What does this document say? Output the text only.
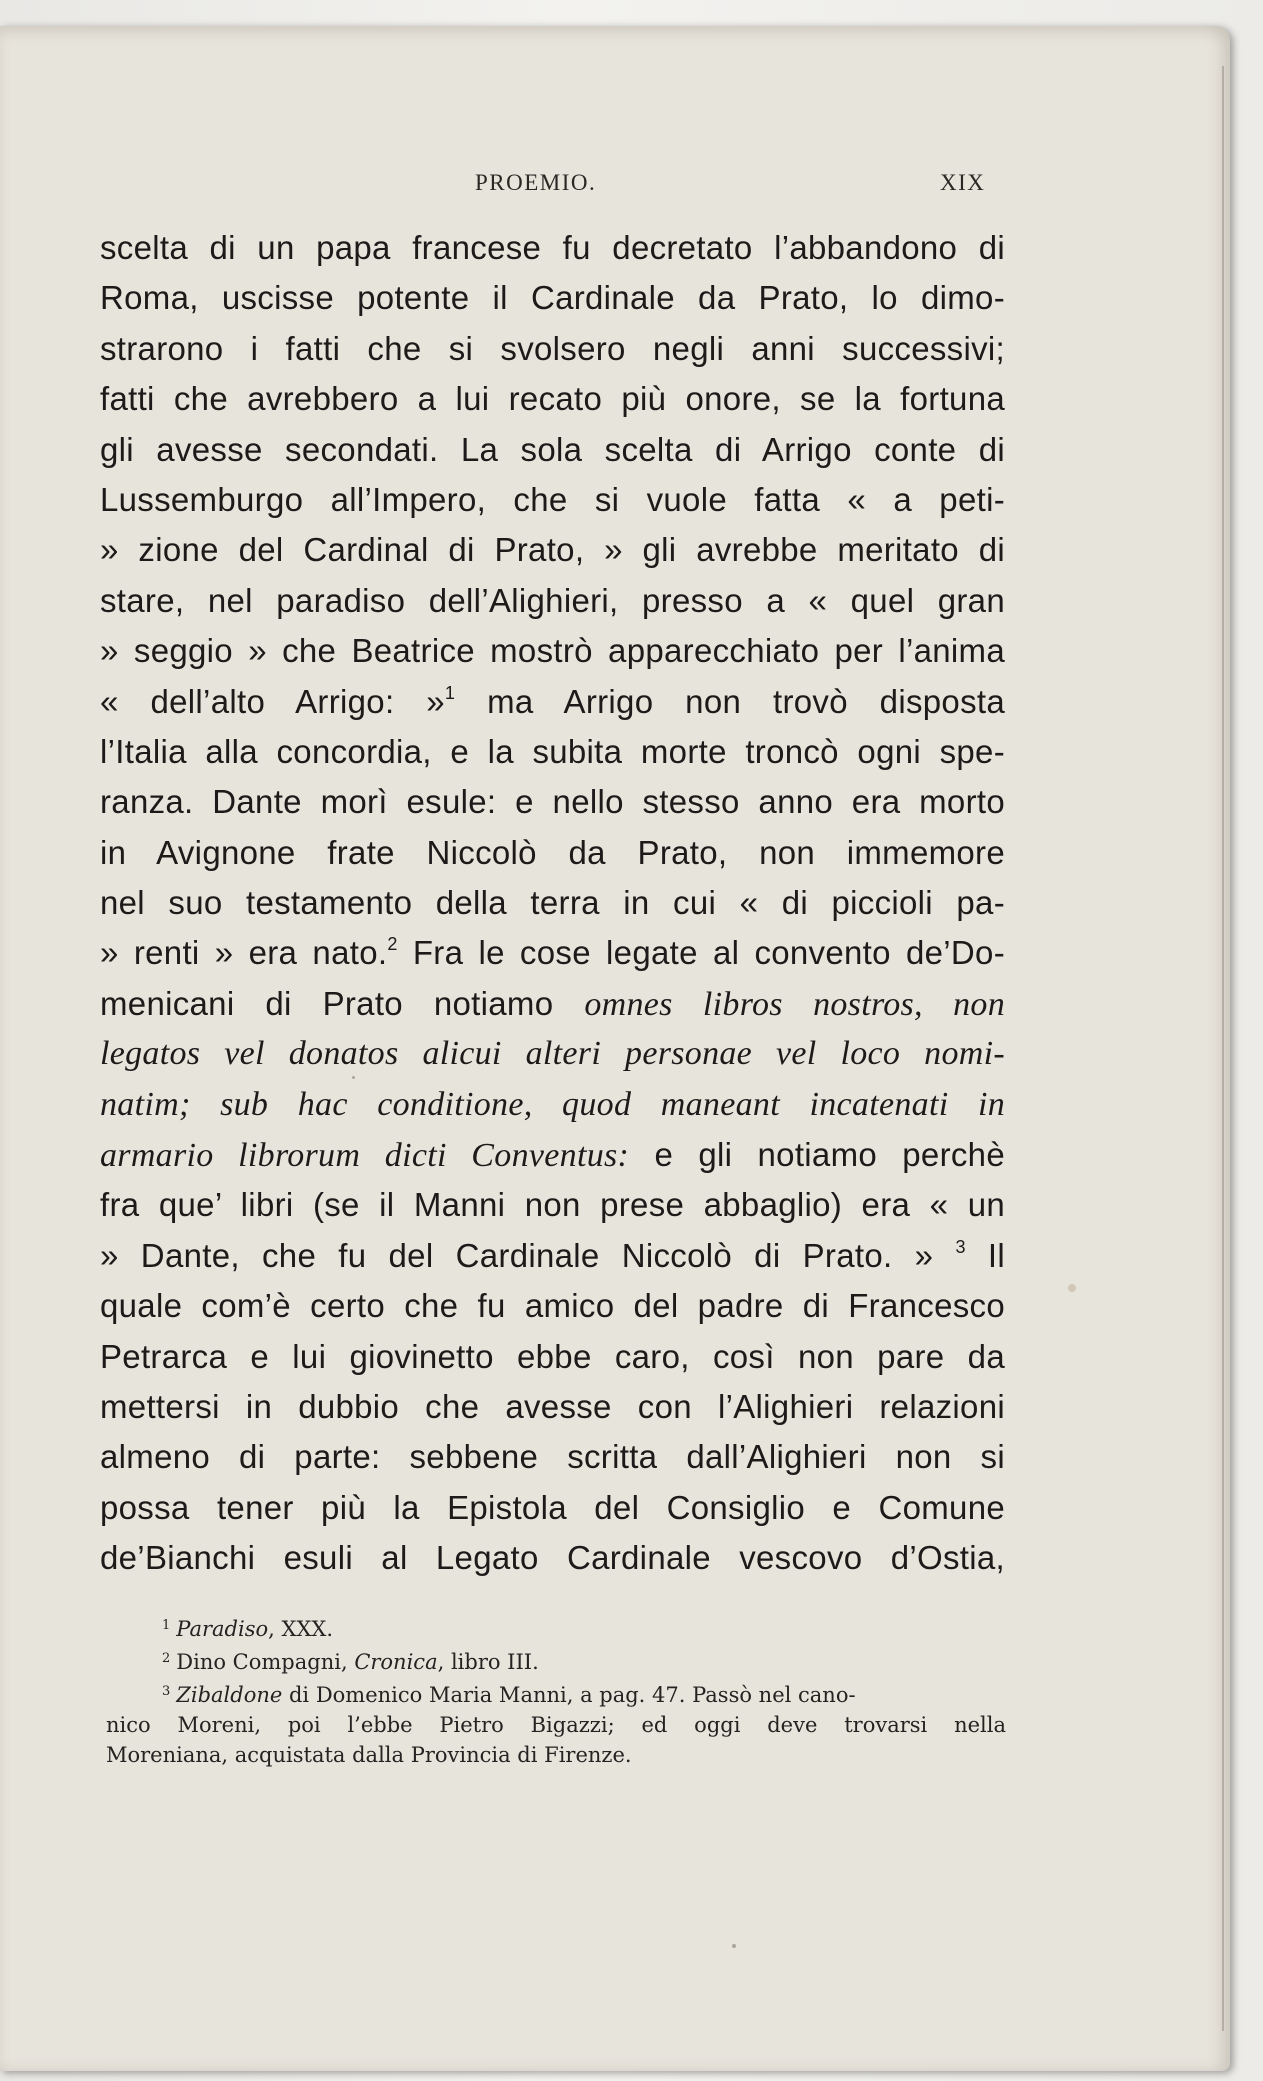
PROEMIO.	XIX
scelta di un papa francese fu decretato l’abbandono di
Roma, uscisse potente il Cardinale da Prato, lo dimo-
strarono i fatti che si svolsero negli anni successivi;
fatti che avrebbero a lui recato più onore, se la fortuna
gli avesse secondati. La sola scelta di Arrigo conte di
Lussemburgo all’Impero, che si vuole fatta « a peti-
» zione del Cardinal di Prato, » gli avrebbe meritato di
stare, nel paradiso dell’Alighieri, presso a « quel gran
» seggio » che Beatrice mostrò apparecchiato per l’anima
« dell’alto Arrigo: »$^1$ ma Arrigo non trovò disposta
l’Italia alla concordia, e la subita morte troncò ogni spe-
ranza. Dante morì esule: e nello stesso anno era morto
in Avignone frate Niccolò da Prato, non immemore
nel suo testamento della terra in cui « di piccioli pa-
» renti » era nato.$^2$ Fra le cose legate al convento de’Do-
menicani di Prato notiamo omnes libros nostros, non
legatos vel donatos alicui alteri personae vel loco nomi-
natim; sub hac conditione, quod maneant incatenati in
armario librorum dicti Conventus: e gli notiamo perchè
fra que’ libri (se il Manni non prese abbaglio) era « un
» Dante, che fu del Cardinale Niccolò di Prato. » $^3$ Il
quale com’è certo che fu amico del padre di Francesco
Petrarca e lui giovinetto ebbe caro, così non pare da
mettersi in dubbio che avesse con l’Alighieri relazioni
almeno di parte: sebbene scritta dall’Alighieri non si
possa tener più la Epistola del Consiglio e Comune
de’Bianchi esuli al Legato Cardinale vescovo d’Ostia,
$^1$ Paradiso, XXX.
$^2$ Dino Compagni, Cronica, libro III.
$^3$ Zibaldone di Domenico Maria Manni, a pag. 47. Passò nel cano-
nico Moreni, poi l’ebbe Pietro Bigazzi; ed oggi deve trovarsi nella
Moreniana, acquistata dalla Provincia di Firenze.
